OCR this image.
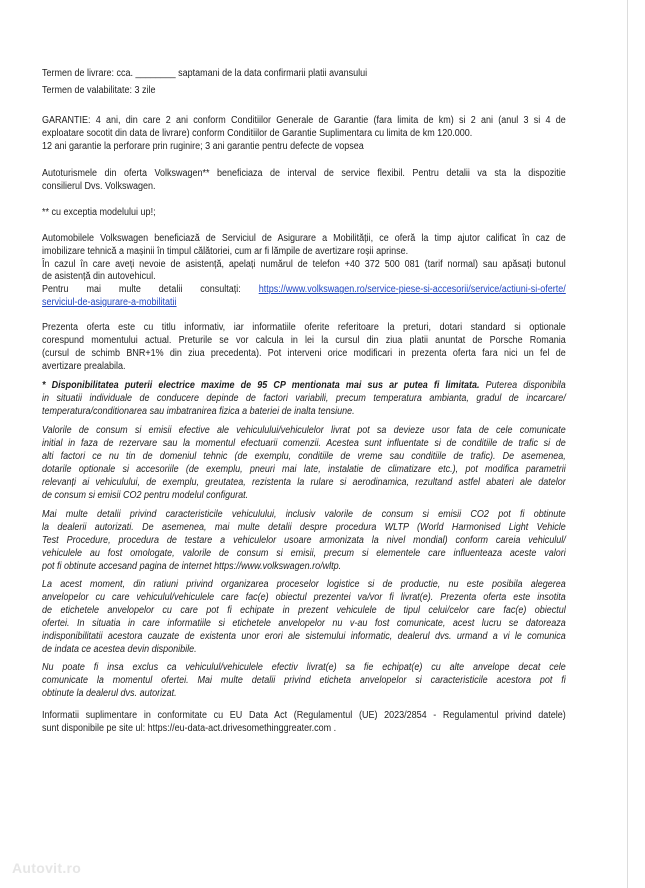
Termen de livrare: cca. ________ saptamani de la data confirmarii platii avansului
Termen de valabilitate: 3 zile
GARANTIE: 4 ani, din care 2 ani conform Conditiilor Generale de Garantie (fara limita de km) si 2 ani (anul 3 si 4 de
exploatare socotit din data de livrare) conform Conditiilor de Garantie Suplimentara cu limita de km 120.000.
12 ani garantie la perforare prin ruginire; 3 ani garantie pentru defecte de vopsea
Autoturismele din oferta Volkswagen** beneficiaza de interval de service flexibil. Pentru detalii va sta la dispozitie
consilierul Dvs. Volkswagen.
** cu exceptia modelului up!;
Automobilele Volkswagen beneficiază de Serviciul de Asigurare a Mobilității, ce oferă la timp ajutor calificat în caz de
imobilizare tehnică a mașinii în timpul călătoriei, cum ar fi lămpile de avertizare roșii aprinse.
În cazul în care aveți nevoie de asistență, apelați numărul de telefon +40 372 500 081 (tarif normal) sau apăsați butonul
de asistență din autovehicul.
Pentru mai multe detalii consultați: https://www.volkswagen.ro/service-piese-si-accesorii/service/actiuni-si-oferte/
serviciul-de-asigurare-a-mobilitatii
Prezenta oferta este cu titlu informativ, iar informatiile oferite referitoare la preturi, dotari standard si optionale
corespund momentului actual. Preturile se vor calcula in lei la cursul din ziua platii anuntat de Porsche Romania
(cursul de schimb BNR+1% din ziua precedenta). Pot interveni orice modificari in prezenta oferta fara nici un fel de
avertizare prealabila.
* Disponibilitatea puterii electrice maxime de 95 CP mentionata mai sus ar putea fi limitata. Puterea disponibila
in situatii individuale de conducere depinde de factori variabili, precum temperatura ambianta, gradul de incarcare/
temperatura/conditionarea sau imbatranirea fizica a bateriei de inalta tensiune.
Valorile de consum si emisii efective ale vehiculului/vehiculelor livrat pot sa devieze usor fata de cele comunicate
initial in faza de rezervare sau la momentul efectuarii comenzii. Acestea sunt influentate si de conditiile de trafic si de
alti factori ce nu tin de domeniul tehnic (de exemplu, conditiile de vreme sau conditiile de trafic). De asemenea,
dotarile optionale si accesoriile (de exemplu, pneuri mai late, instalatie de climatizare etc.), pot modifica parametrii
relevanți ai vehiculului, de exemplu, greutatea, rezistenta la rulare si aerodinamica, rezultand astfel abateri ale datelor
de consum si emisii CO2 pentru modelul configurat.
Mai multe detalii privind caracteristicile vehiculului, inclusiv valorile de consum si emisii CO2 pot fi obtinute
la dealerii autorizati. De asemenea, mai multe detalii despre procedura WLTP (World Harmonised Light Vehicle
Test Procedure, procedura de testare a vehiculelor usoare armonizata la nivel mondial) conform careia vehiculul/
vehiculele au fost omologate, valorile de consum si emisii, precum si elementele care influenteaza aceste valori
pot fi obtinute accesand pagina de internet https://www.volkswagen.ro/wltp.
La acest moment, din ratiuni privind organizarea proceselor logistice si de productie, nu este posibila alegerea
anvelopelor cu care vehiculul/vehiculele care fac(e) obiectul prezentei va/vor fi livrat(e). Prezenta oferta este insotita
de etichetele anvelopelor cu care pot fi echipate in prezent vehiculele de tipul celui/celor care fac(e) obiectul
ofertei. In situatia in care informatiile si etichetele anvelopelor nu v-au fost comunicate, acest lucru se datoreaza
indisponibilitatii acestora cauzate de existenta unor erori ale sistemului informatic, dealerul dvs. urmand a vi le comunica
de indata ce acestea devin disponibile.
Nu poate fi insa exclus ca vehiculul/vehiculele efectiv livrat(e) sa fie echipat(e) cu alte anvelope decat cele
comunicate la momentul ofertei. Mai multe detalii privind eticheta anvelopelor si caracteristicile acestora pot fi
obtinute la dealerul dvs. autorizat.
Informatii suplimentare in conformitate cu EU Data Act (Regulamentul (UE) 2023/2854 - Regulamentul privind datele)
sunt disponibile pe site ul: https://eu-data-act.drivesomethinggreater.com .
Autovit.ro
